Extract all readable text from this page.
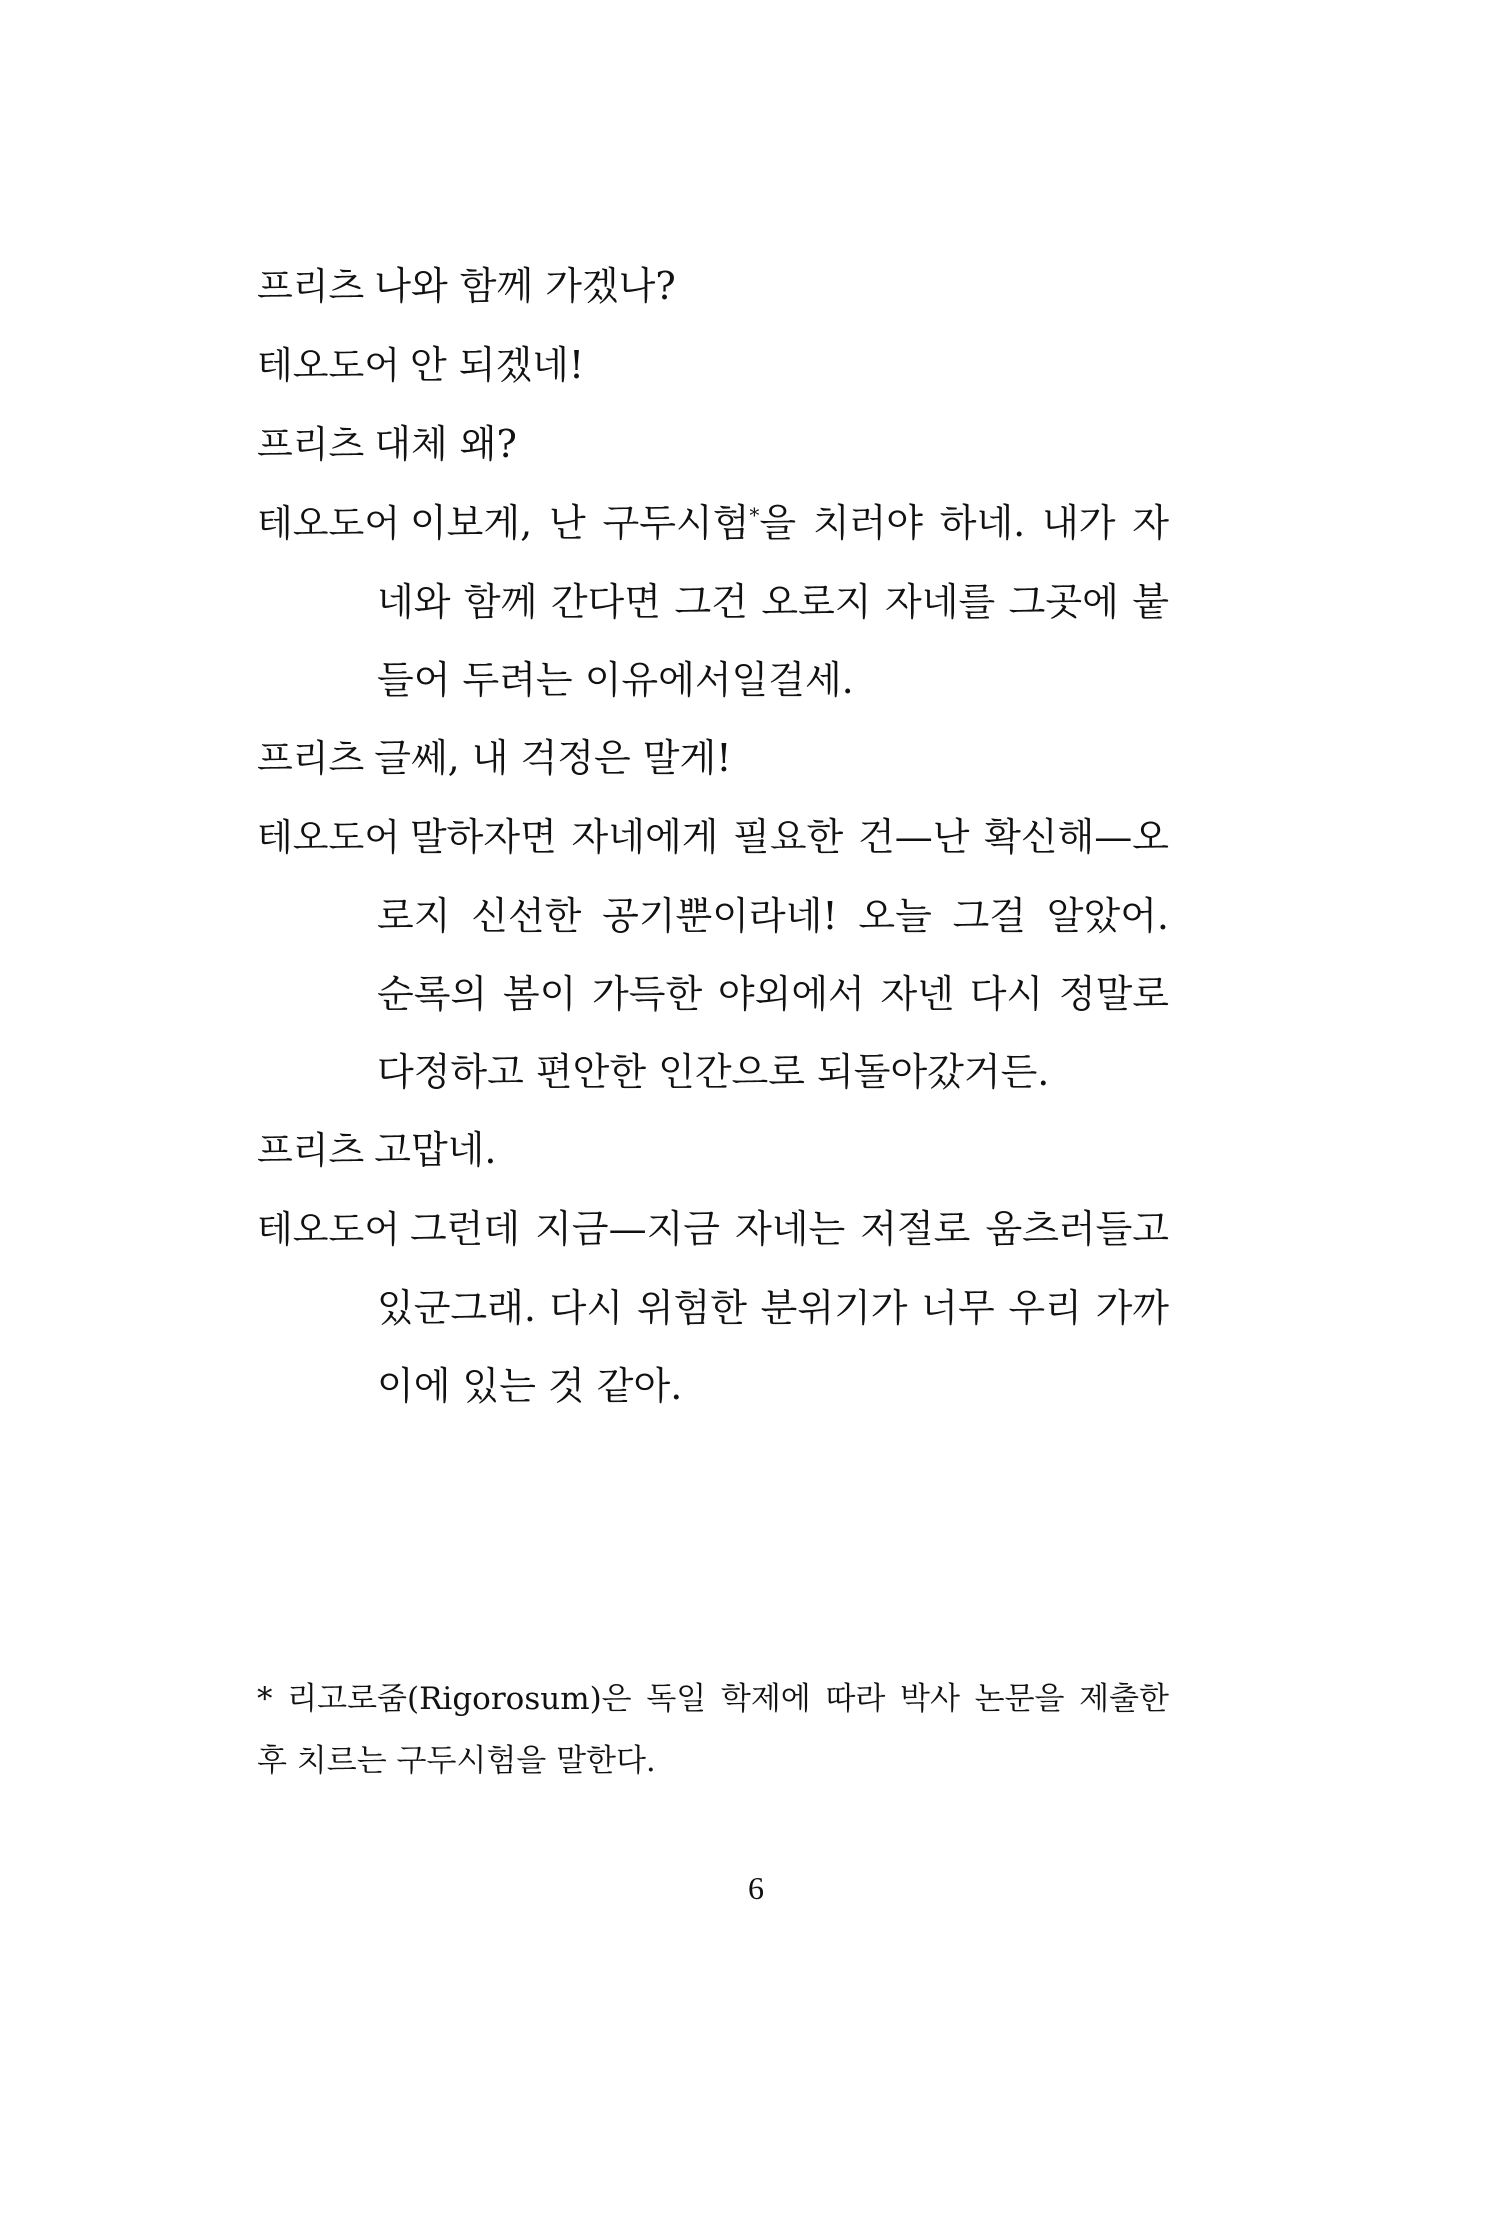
프리츠 나와 함께 가겠나?

테오도어 안 되겠네!

프리츠 대체 왜?

테오도어 이보게, 난 구두시험*을 치러야 하네. 내가 자네와 함께 간다면 그건 오로지 자네를 그곳에 붙들어 두려는 이유에서일걸세.

프리츠 글쎄, 내 걱정은 말게!

테오도어 말하자면 자네에게 필요한 건—난 확신해—오로지 신선한 공기뿐이라네! 오늘 그걸 알았어. 순록의 봄이 가득한 야외에서 자넨 다시 정말로 다정하고 편안한 인간으로 되돌아갔거든.

프리츠 고맙네.

테오도어 그런데 지금—지금 자네는 저절로 움츠러들고 있군그래. 다시 위험한 분위기가 너무 우리 가까이에 있는 것 같아.

* 리고로줌(Rigorosum)은 독일 학제에 따라 박사 논문을 제출한 후 치르는 구두시험을 말한다.

6
